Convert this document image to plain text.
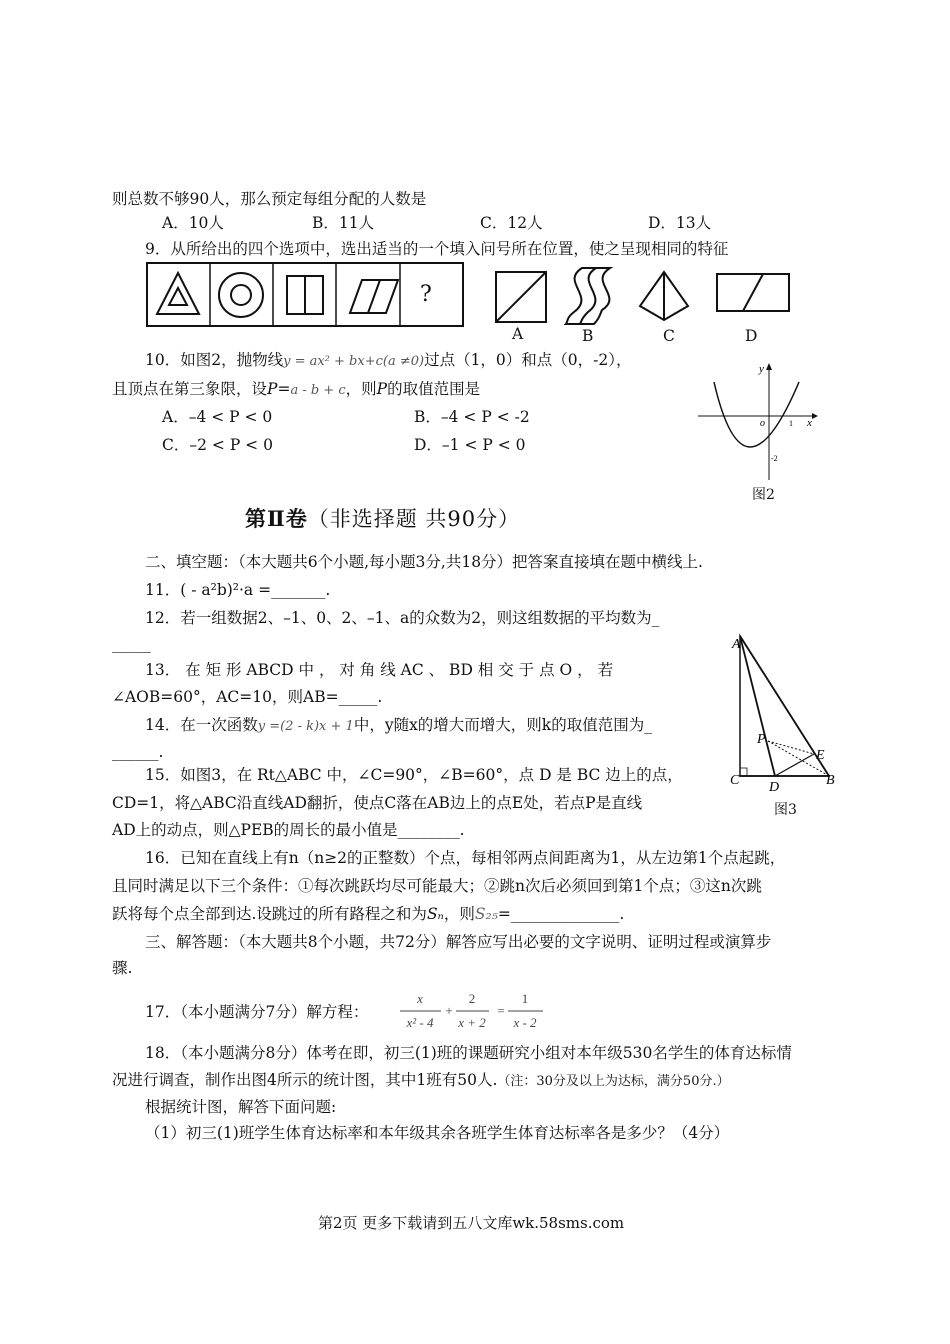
则总数不够90人，那么预定每组分配的人数是
A．10人	B．11人	C．12人	D．13人
9．从所给出的四个选项中，选出适当的一个填入问号所在位置，使之呈现相同的特征
?
A	B	C	D
10．如图2，抛物线y = ax² + bx+c(a ≠0)过点（1，0）和点（0，-2），
且顶点在第三象限，设P=a - b + c，则P的取值范围是
A．–4 < P < 0	B．–4 < P < -2
C．–2 < P < 0	D．–1 < P < 0
y
x
o	1
-2
图2
第Ⅱ卷（非选择题 共90分）
二、填空题：（本大题共6个小题,每小题3分,共18分）把答案直接填在题中横线上.
11．( - a²b)²·a =_______.
12．若一组数据2、–1、0、2、–1、a的众数为2，则这组数据的平均数为_
_____
13． 在 矩 形 ABCD 中 ， 对 角 线 AC 、 BD 相 交 于 点 O ， 若
∠AOB=60°，AC=10，则AB=_____.
14．在一次函数y =(2 - k)x + 1中，y随x的增大而增大，则k的取值范围为_
______.
A
B
C D
E
P
图3
15．如图3，在 Rt△ABC 中，∠C=90°，∠B=60°，点 D 是 BC 边上的点，
CD=1，将△ABC沿直线AD翻折，使点C落在AB边上的点E处，若点P是直线
AD上的动点，则△PEB的周长的最小值是________.
16．已知在直线上有n（n≥2的正整数）个点，每相邻两点间距离为1，从左边第1个点起跳，
且同时满足以下三个条件：①每次跳跃均尽可能最大；②跳n次后必须回到第1个点；③这n次跳
跃将每个点全部到达.设跳过的所有路程之和为Sₙ，则S₂₅=______________.
三、解答题：（本大题共8个小题，共72分）解答应写出必要的文字说明、证明过程或演算步
骤.
17．（本小题满分7分）解方程：
x
x² - 4
+
2
x + 2
=
1
x - 2
18．（本小题满分8分）体考在即，初三(1)班的课题研究小组对本年级530名学生的体育达标情
况进行调查，制作出图4所示的统计图，其中1班有50人.（注：30分及以上为达标，满分50分.）
根据统计图，解答下面问题:
（1）初三(1)班学生体育达标率和本年级其余各班学生体育达标率各是多少？（4分）
第2页 更多下载请到五八文库wk.58sms.com
